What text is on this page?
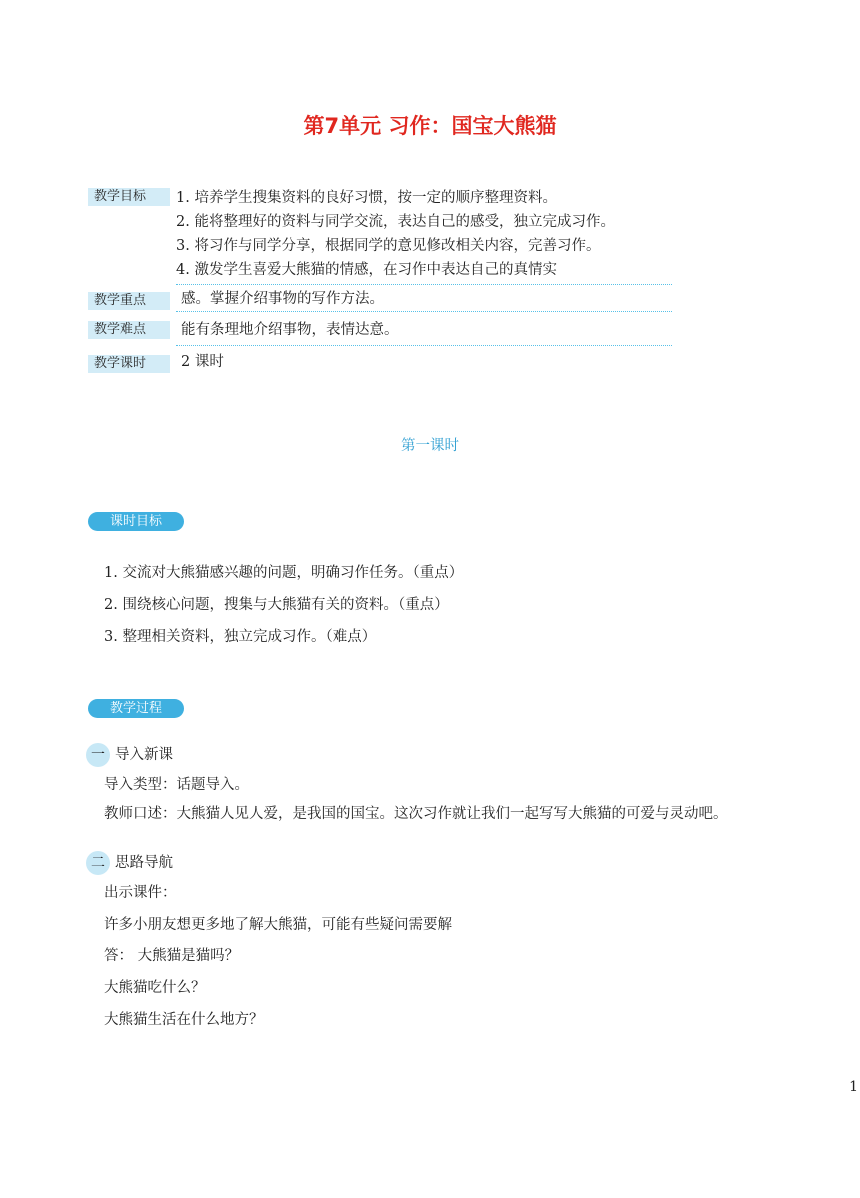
第7单元 习作：国宝大熊猫
教学目标	1. 培养学生搜集资料的良好习惯，按一定的顺序整理资料。
2. 能将整理好的资料与同学交流，表达自己的感受，独立完成习作。
3. 将习作与同学分享，根据同学的意见修改相关内容，完善习作。
4. 激发学生喜爱大熊猫的情感，在习作中表达自己的真情实
教学重点	感。掌握介绍事物的写作方法。
教学难点	能有条理地介绍事物，表情达意。
教学课时	2 课时
第一课时
课时目标
1. 交流对大熊猫感兴趣的问题，明确习作任务。（重点）
2. 围绕核心问题，搜集与大熊猫有关的资料。（重点）
3. 整理相关资料，独立完成习作。（难点）
教学过程
一 导入新课
导入类型：话题导入。
教师口述：大熊猫人见人爱，是我国的国宝。这次习作就让我们一起写写大熊猫的可爱与灵动吧。
二 思路导航
出示课件：
许多小朋友想更多地了解大熊猫，可能有些疑问需要解
答： 大熊猫是猫吗？
大熊猫吃什么？
大熊猫生活在什么地方？
1
